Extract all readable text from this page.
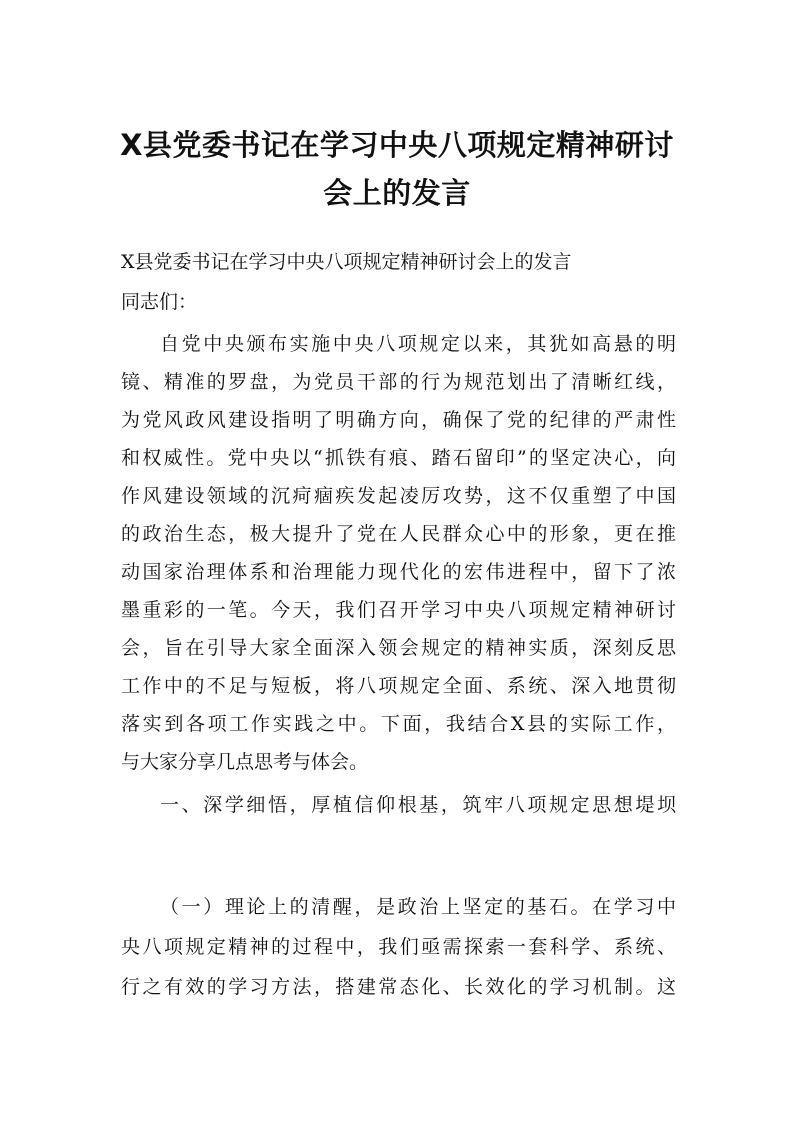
X县党委书记在学习中央八项规定精神研讨
会上的发言
X县党委书记在学习中央八项规定精神研讨会上的发言
同志们：
自党中央颁布实施中央八项规定以来，其犹如高悬的明
镜、精准的罗盘，为党员干部的行为规范划出了清晰红线，
为党风政风建设指明了明确方向，确保了党的纪律的严肃性
和权威性。党中央以“抓铁有痕、踏石留印”的坚定决心，向
作风建设领域的沉疴痼疾发起凌厉攻势，这不仅重塑了中国
的政治生态，极大提升了党在人民群众心中的形象，更在推
动国家治理体系和治理能力现代化的宏伟进程中，留下了浓
墨重彩的一笔。今天，我们召开学习中央八项规定精神研讨
会，旨在引导大家全面深入领会规定的精神实质，深刻反思
工作中的不足与短板，将八项规定全面、系统、深入地贯彻
落实到各项工作实践之中。下面，我结合X县的实际工作，
与大家分享几点思考与体会。
一、深学细悟，厚植信仰根基，筑牢八项规定思想堤坝
（一）理论上的清醒，是政治上坚定的基石。在学习中
央八项规定精神的过程中，我们亟需探索一套科学、系统、
行之有效的学习方法，搭建常态化、长效化的学习机制。这
